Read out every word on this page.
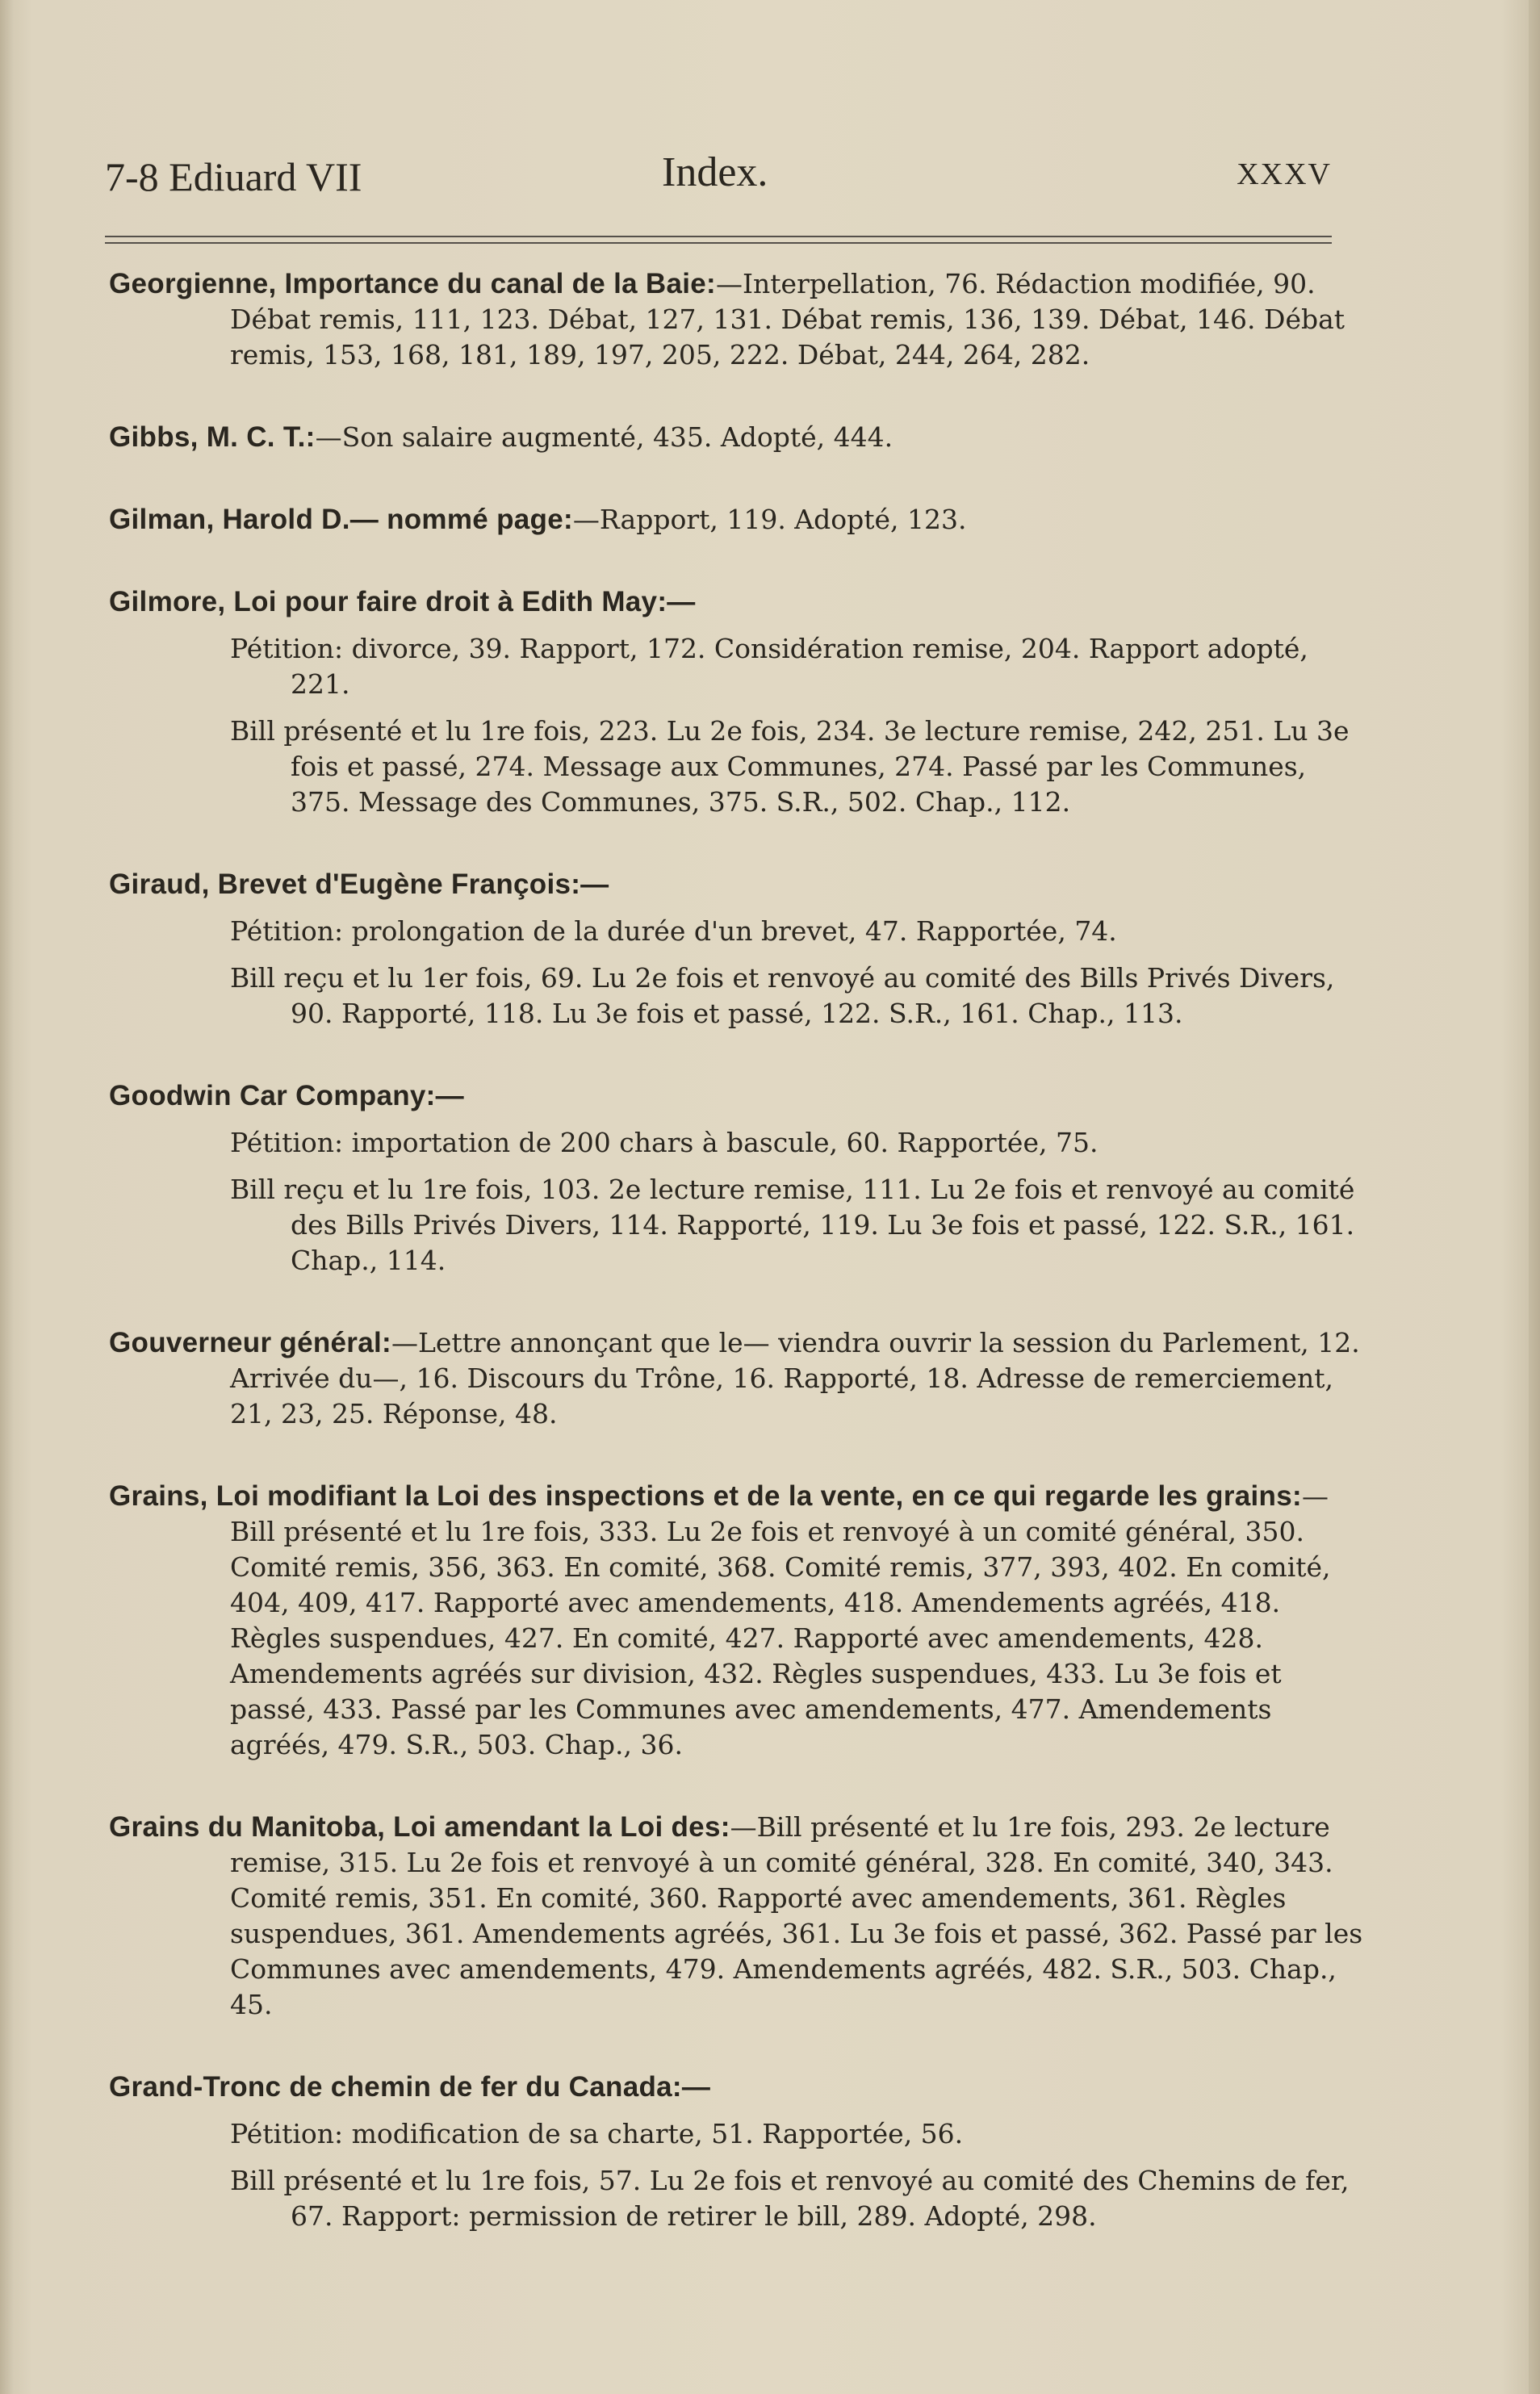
7-8 Ediuard VII	Index.	XXXV

Georgienne, Importance du canal de la Baie:—Interpellation, 76. Rédaction modifiée, 90. Débat remis, 111, 123. Débat, 127, 131. Débat remis, 136, 139. Débat, 146. Débat remis, 153, 168, 181, 189, 197, 205, 222. Débat, 244, 264, 282.

Gibbs, M. C. T.:—Son salaire augmenté, 435. Adopté, 444.

Gilman, Harold D.— nommé page:—Rapport, 119. Adopté, 123.

Gilmore, Loi pour faire droit à Edith May:—

Pétition: divorce, 39. Rapport, 172. Considération remise, 204. Rapport adopté, 221.

Bill présenté et lu 1re fois, 223. Lu 2e fois, 234. 3e lecture remise, 242, 251. Lu 3e fois et passé, 274. Message aux Communes, 274. Passé par les Communes, 375. Message des Communes, 375. S.R., 502. Chap., 112.

Giraud, Brevet d'Eugène François:—

Pétition: prolongation de la durée d'un brevet, 47. Rapportée, 74.

Bill reçu et lu 1er fois, 69. Lu 2e fois et renvoyé au comité des Bills Privés Divers, 90. Rapporté, 118. Lu 3e fois et passé, 122. S.R., 161. Chap., 113.

Goodwin Car Company:—

Pétition: importation de 200 chars à bascule, 60. Rapportée, 75.

Bill reçu et lu 1re fois, 103. 2e lecture remise, 111. Lu 2e fois et renvoyé au comité des Bills Privés Divers, 114. Rapporté, 119. Lu 3e fois et passé, 122. S.R., 161. Chap., 114.

Gouverneur général:—Lettre annonçant que le— viendra ouvrir la session du Parlement, 12. Arrivée du—, 16. Discours du Trône, 16. Rapporté, 18. Adresse de remerciement, 21, 23, 25. Réponse, 48.

Grains, Loi modifiant la Loi des inspections et de la vente, en ce qui regarde les grains:—Bill présenté et lu 1re fois, 333. Lu 2e fois et renvoyé à un comité général, 350. Comité remis, 356, 363. En comité, 368. Comité remis, 377, 393, 402. En comité, 404, 409, 417. Rapporté avec amendements, 418. Amendements agréés, 418. Règles suspendues, 427. En comité, 427. Rapporté avec amendements, 428. Amendements agréés sur division, 432. Règles suspendues, 433. Lu 3e fois et passé, 433. Passé par les Communes avec amendements, 477. Amendements agréés, 479. S.R., 503. Chap., 36.

Grains du Manitoba, Loi amendant la Loi des:—Bill présenté et lu 1re fois, 293. 2e lecture remise, 315. Lu 2e fois et renvoyé à un comité général, 328. En comité, 340, 343. Comité remis, 351. En comité, 360. Rapporté avec amendements, 361. Règles suspendues, 361. Amendements agréés, 361. Lu 3e fois et passé, 362. Passé par les Communes avec amendements, 479. Amendements agréés, 482. S.R., 503. Chap., 45.

Grand-Tronc de chemin de fer du Canada:—

Pétition: modification de sa charte, 51. Rapportée, 56.

Bill présenté et lu 1re fois, 57. Lu 2e fois et renvoyé au comité des Chemins de fer, 67. Rapport: permission de retirer le bill, 289. Adopté, 298.
